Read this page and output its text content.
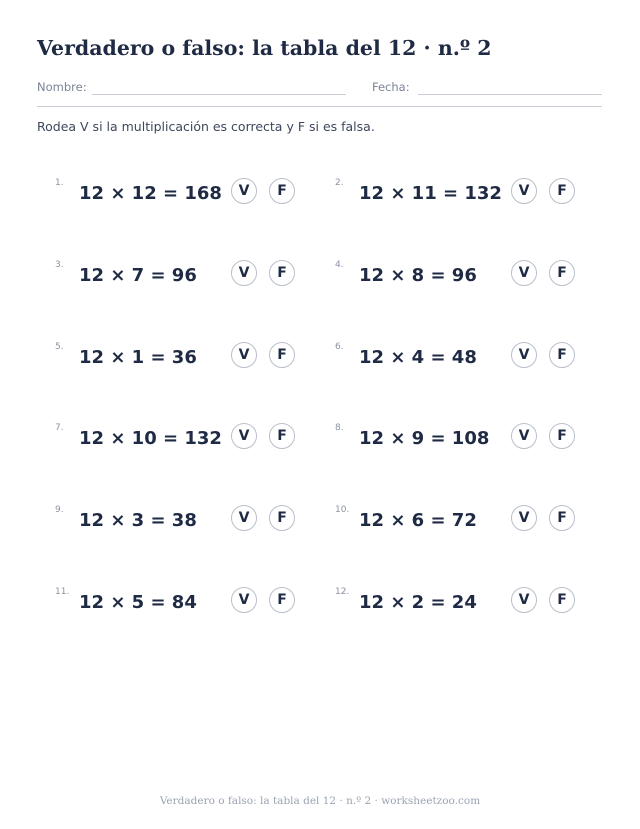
Verdadero o falso: la tabla del 12 · n.º 2
Nombre:	Fecha:
Rodea V si la multiplicación es correcta y F si es falsa.
1. 12 × 12 = 168	V	F	2. 12 × 11 = 132	V	F
3. 12 × 7 = 96	V	F	4. 12 × 8 = 96	V	F
5. 12 × 1 = 36	V	F	6. 12 × 4 = 48	V	F
7. 12 × 10 = 132	V	F	8. 12 × 9 = 108	V	F
9. 12 × 3 = 38	V	F	10. 12 × 6 = 72	V	F
11. 12 × 5 = 84	V	F	12. 12 × 2 = 24	V	F
Verdadero o falso: la tabla del 12 · n.º 2 · worksheetzoo.com
